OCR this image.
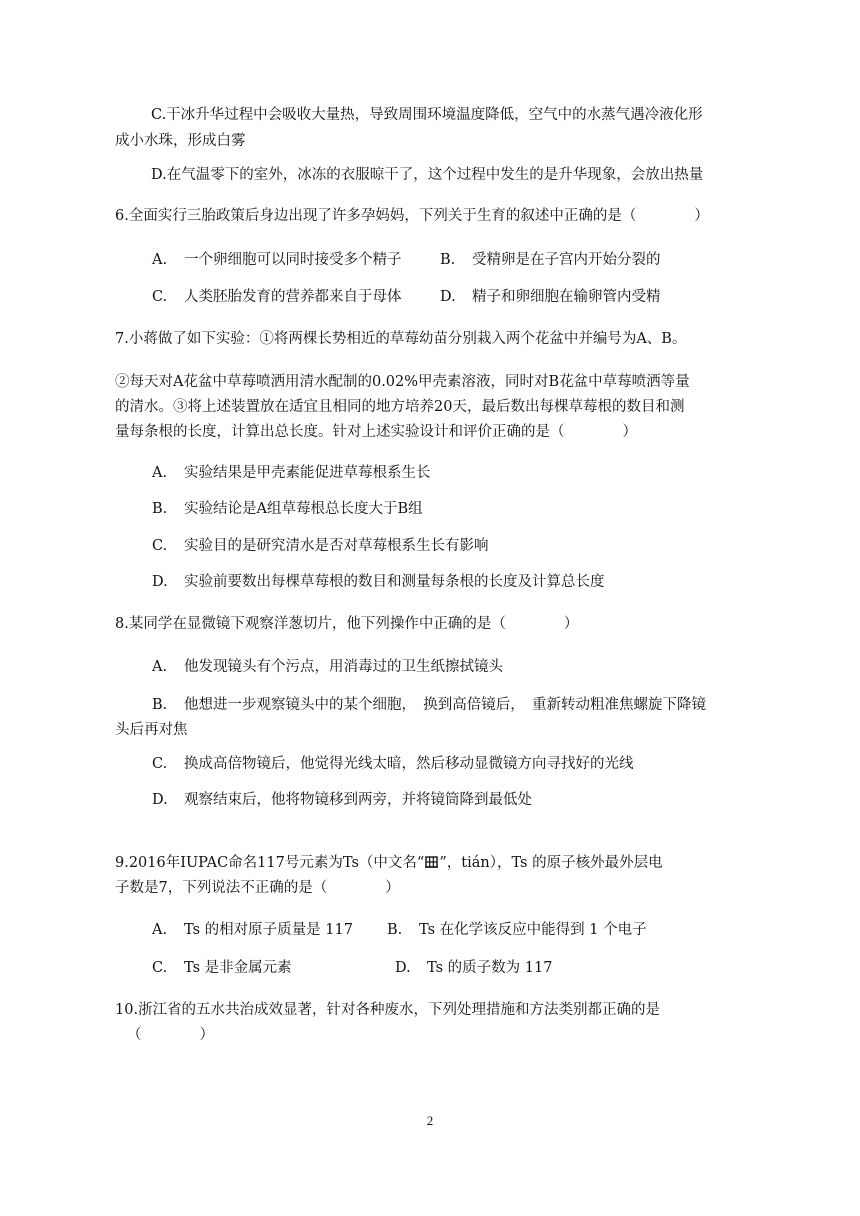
C.干冰升华过程中会吸收大量热，导致周围环境温度降低，空气中的水蒸气遇冷液化形
成小水珠，形成白雾
D.在气温零下的室外，冰冻的衣服晾干了，这个过程中发生的是升华现象，会放出热量
6.全面实行三胎政策后身边出现了许多孕妈妈，下列关于生育的叙述中正确的是（　　　　）
A. 一个卵细胞可以同时接受多个精子	B. 受精卵是在子宫内开始分裂的
C. 人类胚胎发育的营养都来自于母体	D. 精子和卵细胞在输卵管内受精
7.小蒋做了如下实验：①将两棵长势相近的草莓幼苗分别栽入两个花盆中并编号为A、B。
②每天对A花盆中草莓喷洒用清水配制的0.02%甲壳素溶液，同时对B花盆中草莓喷洒等量
的清水。③将上述装置放在适宜且相同的地方培养20天，最后数出每棵草莓根的数目和测
量每条根的长度，计算出总长度。针对上述实验设计和评价正确的是（　　　　）
A. 实验结果是甲壳素能促进草莓根系生长
B. 实验结论是A组草莓根总长度大于B组
C. 实验目的是研究清水是否对草莓根系生长有影响
D. 实验前要数出每棵草莓根的数目和测量每条根的长度及计算总长度
8.某同学在显微镜下观察洋葱切片，他下列操作中正确的是（　　　　）
A. 他发现镜头有个污点，用消毒过的卫生纸擦拭镜头
B. 他想进一步观察镜头中的某个细胞，　换到高倍镜后，　重新转动粗准焦螺旋下降镜
头后再对焦
C. 换成高倍物镜后，他觉得光线太暗，然后移动显微镜方向寻找好的光线
D. 观察结束后，他将物镜移到两旁，并将镜筒降到最低处
9.2016年IUPAC命名117号元素为Ts（中文名“ ”，tián），Ts 的原子核外最外层电
子数是7，下列说法不正确的是（　　　　）
A. Ts 的相对原子质量是 117 B. Ts 在化学该反应中能得到 1 个电子
C. Ts 是非金属元素	D. Ts 的质子数为 117
10.浙江省的五水共治成效显著，针对各种废水，下列处理措施和方法类别都正确的是
（　　　　）
2
